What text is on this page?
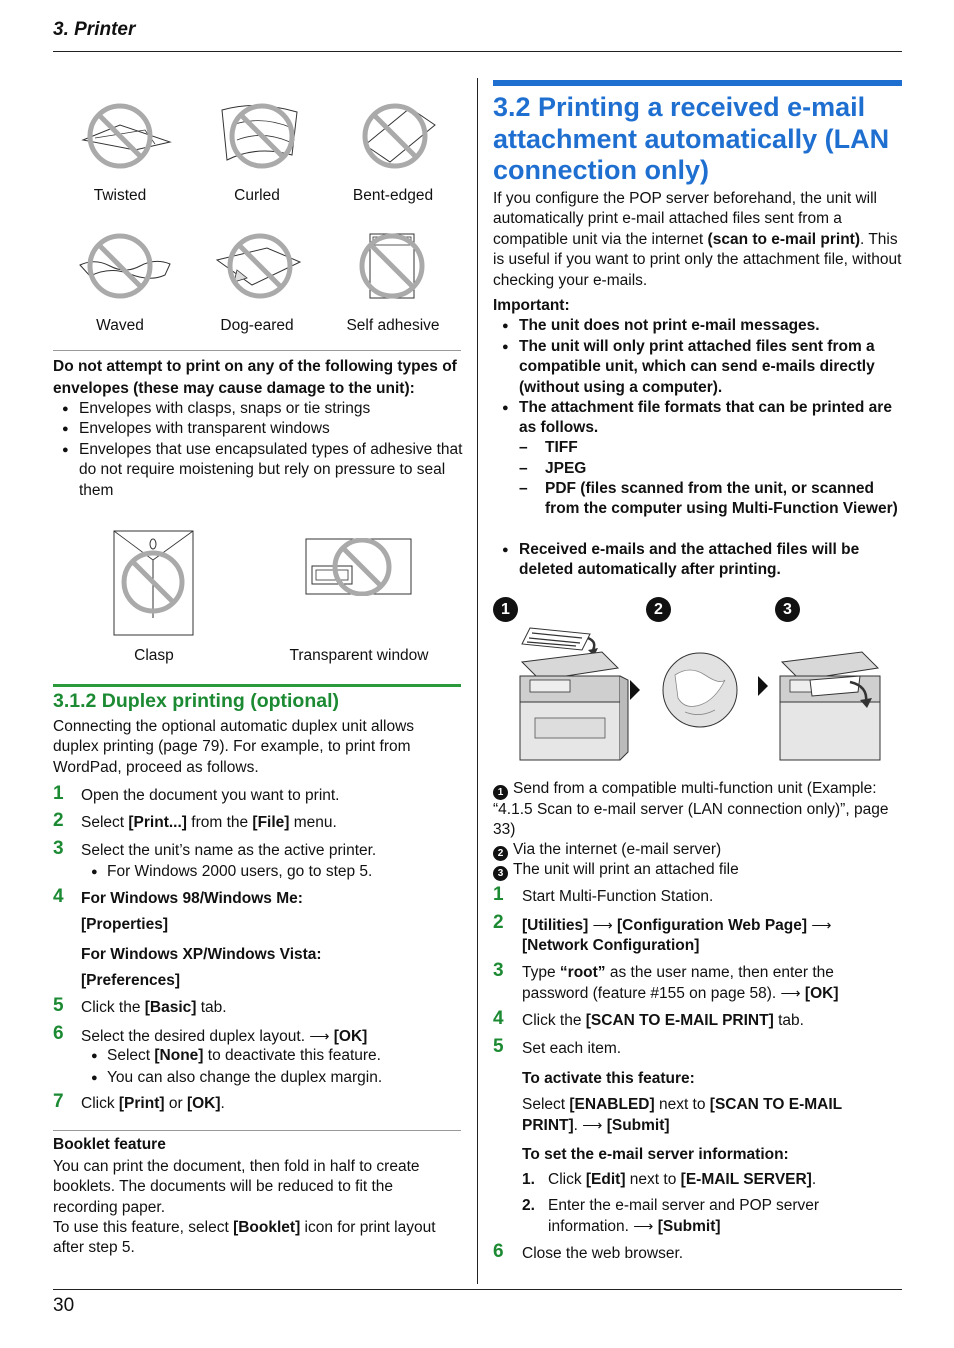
3. Printer
Twisted	Curled	Bent-edged
Waved	Dog-eared	Self adhesive
Do not attempt to print on any of the following types of envelopes (these may cause damage to the unit):
● Envelopes with clasps, snaps or tie strings
● Envelopes with transparent windows
● Envelopes that use encapsulated types of adhesive that do not require moistening but rely on pressure to seal them
Clasp	Transparent window
3.1.2 Duplex printing (optional)
Connecting the optional automatic duplex unit allows duplex printing (page 79). For example, to print from WordPad, proceed as follows.
1	Open the document you want to print.
2	Select [Print...] from the [File] menu.
3	Select the unit’s name as the active printer.
● For Windows 2000 users, go to step 5.
4	For Windows 98/Windows Me:
[Properties]
For Windows XP/Windows Vista:
[Preferences]
5	Click the [Basic] tab.
6	Select the desired duplex layout. ⟶ [OK]
● Select [None] to deactivate this feature.
● You can also change the duplex margin.
7	Click [Print] or [OK].
Booklet feature
You can print the document, then fold in half to create booklets. The documents will be reduced to fit the recording paper.
To use this feature, select [Booklet] icon for print layout after step 5.
3.2 Printing a received e-mail attachment automatically (LAN connection only)
If you configure the POP server beforehand, the unit will automatically print e-mail attached files sent from a compatible unit via the internet (scan to e-mail print). This is useful if you want to print only the attachment file, without checking your e-mails.
Important:
● The unit does not print e-mail messages.
● The unit will only print attached files sent from a compatible unit, which can send e-mails directly (without using a computer).
● The attachment file formats that can be printed are as follows.
– TIFF
– JPEG
– PDF (files scanned from the unit, or scanned from the computer using Multi-Function Viewer)
● Received e-mails and the attached files will be deleted automatically after printing.
1	2	3
1 Send from a compatible multi-function unit (Example: “4.1.5 Scan to e-mail server (LAN connection only)”, page 33)
2 Via the internet (e-mail server)
3 The unit will print an attached file
1	Start Multi-Function Station.
2	[Utilities] ⟶ [Configuration Web Page] ⟶
[Network Configuration]
3	Type “root” as the user name, then enter the password (feature #155 on page 58). ⟶ [OK]
4	Click the [SCAN TO E-MAIL PRINT] tab.
5	Set each item.
To activate this feature:
Select [ENABLED] next to [SCAN TO E-MAIL PRINT]. ⟶ [Submit]
To set the e-mail server information:
1. Click [Edit] next to [E-MAIL SERVER].
2. Enter the e-mail server and POP server information. ⟶ [Submit]
6	Close the web browser.
30
